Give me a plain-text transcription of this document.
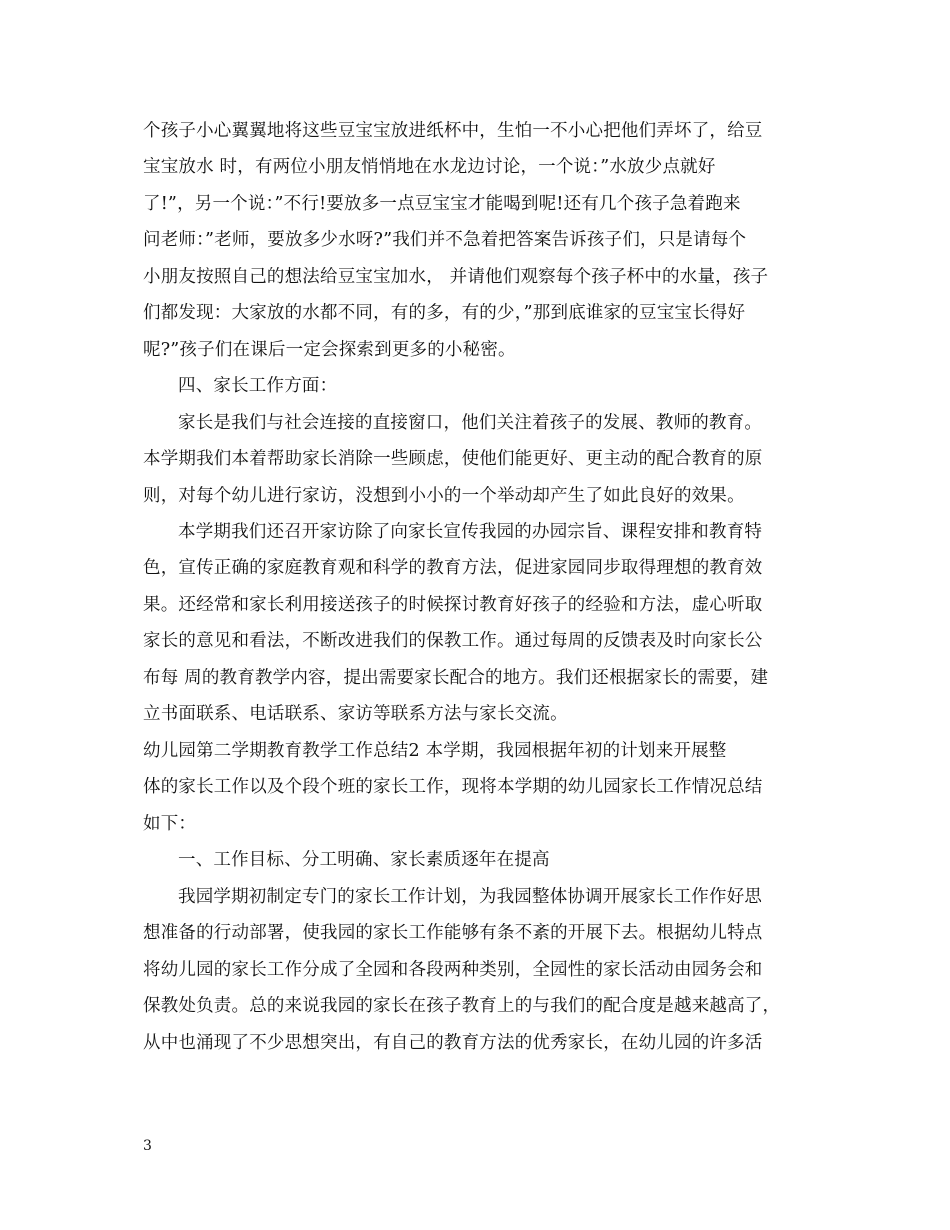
个孩子小心翼翼地将这些豆宝宝放进纸杯中，生怕一不小心把他们弄坏了，给豆
宝宝放水 时，有两位小朋友悄悄地在水龙边讨论，一个说：”水放少点就好
了!”，另一个说：”不行!要放多一点豆宝宝才能喝到呢!还有几个孩子急着跑来
问老师：”老师，要放多少水呀?”我们并不急着把答案告诉孩子们，只是请每个
小朋友按照自己的想法给豆宝宝加水， 并请他们观察每个孩子杯中的水量，孩子
们都发现：大家放的水都不同，有的多，有的少，”那到底谁家的豆宝宝长得好
呢?”孩子们在课后一定会探索到更多的小秘密。
四、家长工作方面：
家长是我们与社会连接的直接窗口，他们关注着孩子的发展、教师的教育。
本学期我们本着帮助家长消除一些顾虑，使他们能更好、更主动的配合教育的原
则，对每个幼儿进行家访，没想到小小的一个举动却产生了如此良好的效果。
本学期我们还召开家访除了向家长宣传我园的办园宗旨、课程安排和教育特
色，宣传正确的家庭教育观和科学的教育方法，促进家园同步取得理想的教育效
果。还经常和家长利用接送孩子的时候探讨教育好孩子的经验和方法，虚心听取
家长的意见和看法，不断改进我们的保教工作。通过每周的反馈表及时向家长公
布每 周的教育教学内容，提出需要家长配合的地方。我们还根据家长的需要，建
立书面联系、电话联系、家访等联系方法与家长交流。
幼儿园第二学期教育教学工作总结2 本学期，我园根据年初的计划来开展整
体的家长工作以及个段个班的家长工作，现将本学期的幼儿园家长工作情况总结
如下：
一、工作目标、分工明确、家长素质逐年在提高
我园学期初制定专门的家长工作计划，为我园整体协调开展家长工作作好思
想准备的行动部署，使我园的家长工作能够有条不紊的开展下去。根据幼儿特点
将幼儿园的家长工作分成了全园和各段两种类别，全园性的家长活动由园务会和
保教处负责。总的来说我园的家长在孩子教育上的与我们的配合度是越来越高了，
从中也涌现了不少思想突出，有自己的教育方法的优秀家长，在幼儿园的许多活
3
